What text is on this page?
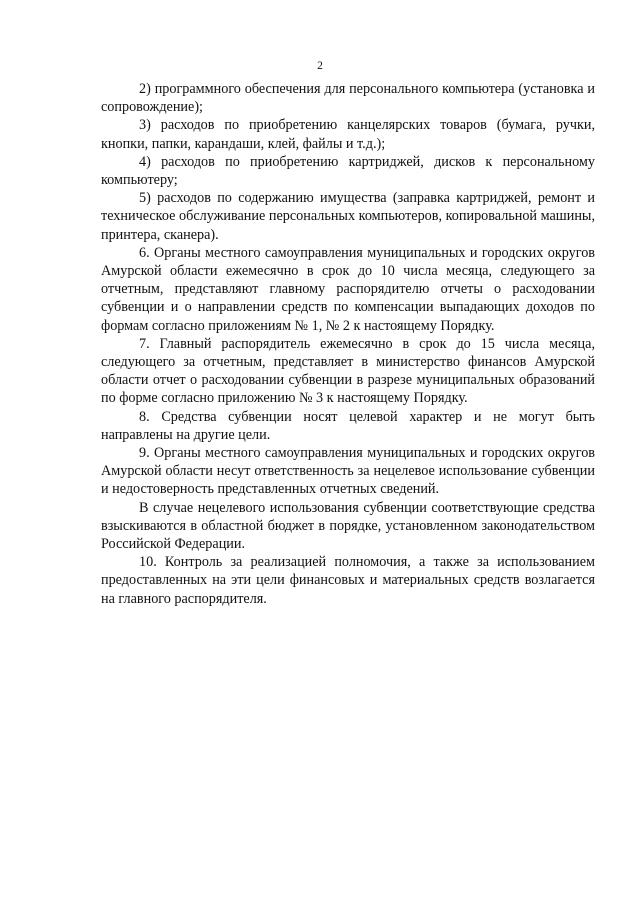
2

2) программного обеспечения для персонального компьютера (установка и сопровождение);

3) расходов по приобретению канцелярских товаров (бумага, ручки, кнопки, папки, карандаши, клей, файлы и т.д.);

4) расходов по приобретению картриджей, дисков к персональному компьютеру;

5) расходов по содержанию имущества (заправка картриджей, ремонт и техническое обслуживание персональных компьютеров, копировальной машины, принтера, сканера).

6. Органы местного самоуправления муниципальных и городских округов Амурской области ежемесячно в срок до 10 числа месяца, следующего за отчетным, представляют главному распорядителю отчеты о расходовании субвенции и о направлении средств по компенсации выпадающих доходов по формам согласно приложениям № 1, № 2 к настоящему Порядку.

7. Главный распорядитель ежемесячно в срок до 15 числа месяца, следующего за отчетным, представляет в министерство финансов Амурской области отчет о расходовании субвенции в разрезе муниципальных образований по форме согласно приложению № 3 к настоящему Порядку.

8. Средства субвенции носят целевой характер и не могут быть направлены на другие цели.

9. Органы местного самоуправления муниципальных и городских округов Амурской области несут ответственность за нецелевое использование субвенции и недостоверность представленных отчетных сведений.

В случае нецелевого использования субвенции соответствующие средства взыскиваются в областной бюджет в порядке, установленном законодательством Российской Федерации.

10. Контроль за реализацией полномочия, а также за использованием предоставленных на эти цели финансовых и материальных средств возлагается на главного распорядителя.
